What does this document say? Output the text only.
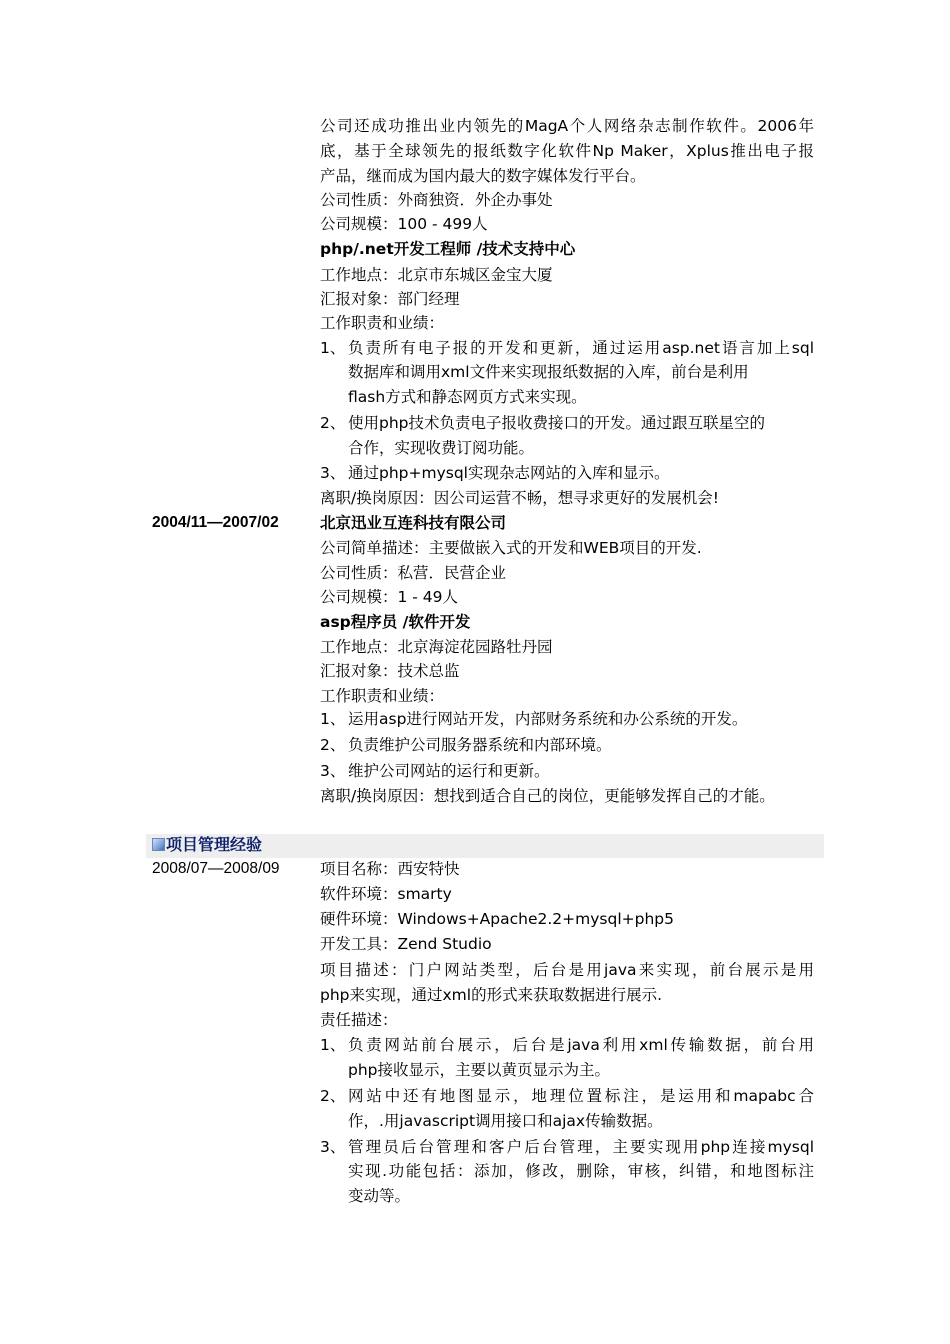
公司还成功推出业内领先的MagA个人网络杂志制作软件。2006年
底，基于全球领先的报纸数字化软件Np Maker，Xplus推出电子报
产品，继而成为国内最大的数字媒体发行平台。
公司性质：外商独资．外企办事处
公司规模：100 - 499人
php/.net开发工程师 /技术支持中心
工作地点：北京市东城区金宝大厦
汇报对象：部门经理
工作职责和业绩：
1、 负责所有电子报的开发和更新，通过运用asp.net语言加上sql
数据库和调用xml文件来实现报纸数据的入库，前台是利用
flash方式和静态网页方式来实现。
2、 使用php技术负责电子报收费接口的开发。通过跟互联星空的
合作，实现收费订阅功能。
3、 通过php+mysql实现杂志网站的入库和显示。
离职/换岗原因：因公司运营不畅，想寻求更好的发展机会!
2004/11—2007/02	北京迅业互连科技有限公司
公司简单描述：主要做嵌入式的开发和WEB项目的开发.
公司性质：私营．民营企业
公司规模：1 - 49人
asp程序员 /软件开发
工作地点：北京海淀花园路牡丹园
汇报对象：技术总监
工作职责和业绩：
1、 运用asp进行网站开发，内部财务系统和办公系统的开发。
2、 负责维护公司服务器系统和内部环境。
3、 维护公司网站的运行和更新。
离职/换岗原因：想找到适合自己的岗位，更能够发挥自己的才能。
项目管理经验
2008/07—2008/09	项目名称：西安特快
软件环境：smarty
硬件环境：Windows+Apache2.2+mysql+php5
开发工具：Zend Studio
项目描述：门户网站类型，后台是用java来实现，前台展示是用
php来实现，通过xml的形式来获取数据进行展示.
责任描述：
1、 负责网站前台展示，后台是java利用xml传输数据，前台用
php接收显示，主要以黄页显示为主。
2、 网站中还有地图显示，地理位置标注，是运用和mapabc合
作，.用javascript调用接口和ajax传输数据。
3、 管理员后台管理和客户后台管理，主要实现用php连接mysql
实现.功能包括：添加，修改，删除，审核，纠错，和地图标注
变动等。
